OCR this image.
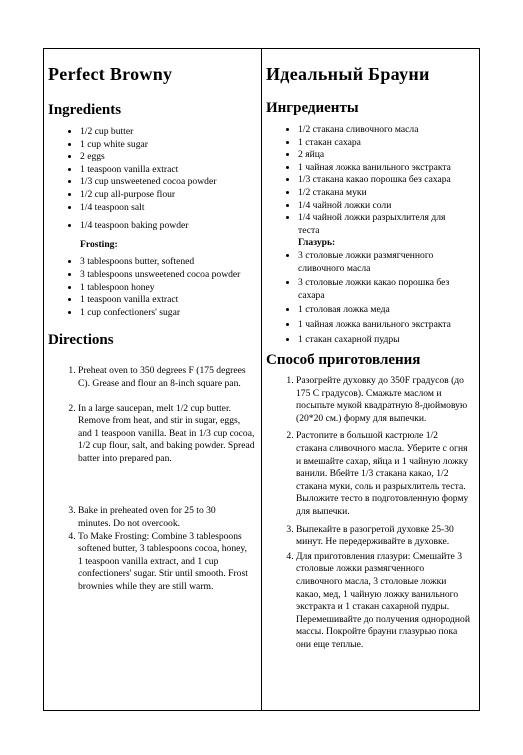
Perfect Browny
Ingredients
• 1/2 cup butter
• 1 cup white sugar
• 2 eggs
• 1 teaspoon vanilla extract
• 1/3 cup unsweetened cocoa powder
• 1/2 cup all-purpose flour
• 1/4 teaspoon salt
• 1/4 teaspoon baking powder
Frosting:
• 3 tablespoons butter, softened
• 3 tablespoons unsweetened cocoa powder
• 1 tablespoon honey
• 1 teaspoon vanilla extract
• 1 cup confectioners' sugar
Directions
1. Preheat oven to 350 degrees F (175 degrees C). Grease and flour an 8-inch square pan.
2. In a large saucepan, melt 1/2 cup butter. Remove from heat, and stir in sugar, eggs, and 1 teaspoon vanilla. Beat in 1/3 cup cocoa, 1/2 cup flour, salt, and baking powder. Spread batter into prepared pan.
3. Bake in preheated oven for 25 to 30 minutes. Do not overcook.
4. To Make Frosting: Combine 3 tablespoons softened butter, 3 tablespoons cocoa, honey, 1 teaspoon vanilla extract, and 1 cup confectioners' sugar. Stir until smooth. Frost brownies while they are still warm.
Идеальный Брауни
Ингредиенты
• 1/2 стакана сливочного масла
• 1 стакан сахара
• 2 яйца
• 1 чайная ложка ванильного экстракта
• 1/3 стакана какао порошка без сахара
• 1/2 стакана муки
• 1/4 чайной ложки соли
• 1/4 чайной ложки разрыхлителя для теста
Глазурь:
• 3 столовые ложки размягченного сливочного масла
• 3 столовые ложки какао порошка без сахара
• 1 столовая ложка меда
• 1 чайная ложка ванильного экстракта
• 1 стакан сахарной пудры
Способ приготовления
1. Разогрейте духовку до 350F градусов (до 175 С градусов). Смажьте маслом и посыпьте мукой квадратную 8-дюймовую (20*20 см.) форму для выпечки.
2. Растопите в большой кастрюле 1/2 стакана сливочного масла. Уберите с огня и вмешайте сахар, яйца и 1 чайную ложку ванили. Вбейте 1/3 стакана какао, 1/2 стакана муки, соль и разрыхлитель теста. Выложите тесто в подготовленную форму для выпечки.
3. Выпекайте в разогретой духовке 25-30 минут. Не передерживайте в духовке.
4. Для приготовления глазури: Смешайте 3 столовые ложки размягченного сливочного масла, 3 столовые ложки какао, мед, 1 чайную ложку ванильного экстракта и 1 стакан сахарной пудры. Перемешивайте до получения однородной массы. Покройте брауни глазурью пока они еще теплые.
